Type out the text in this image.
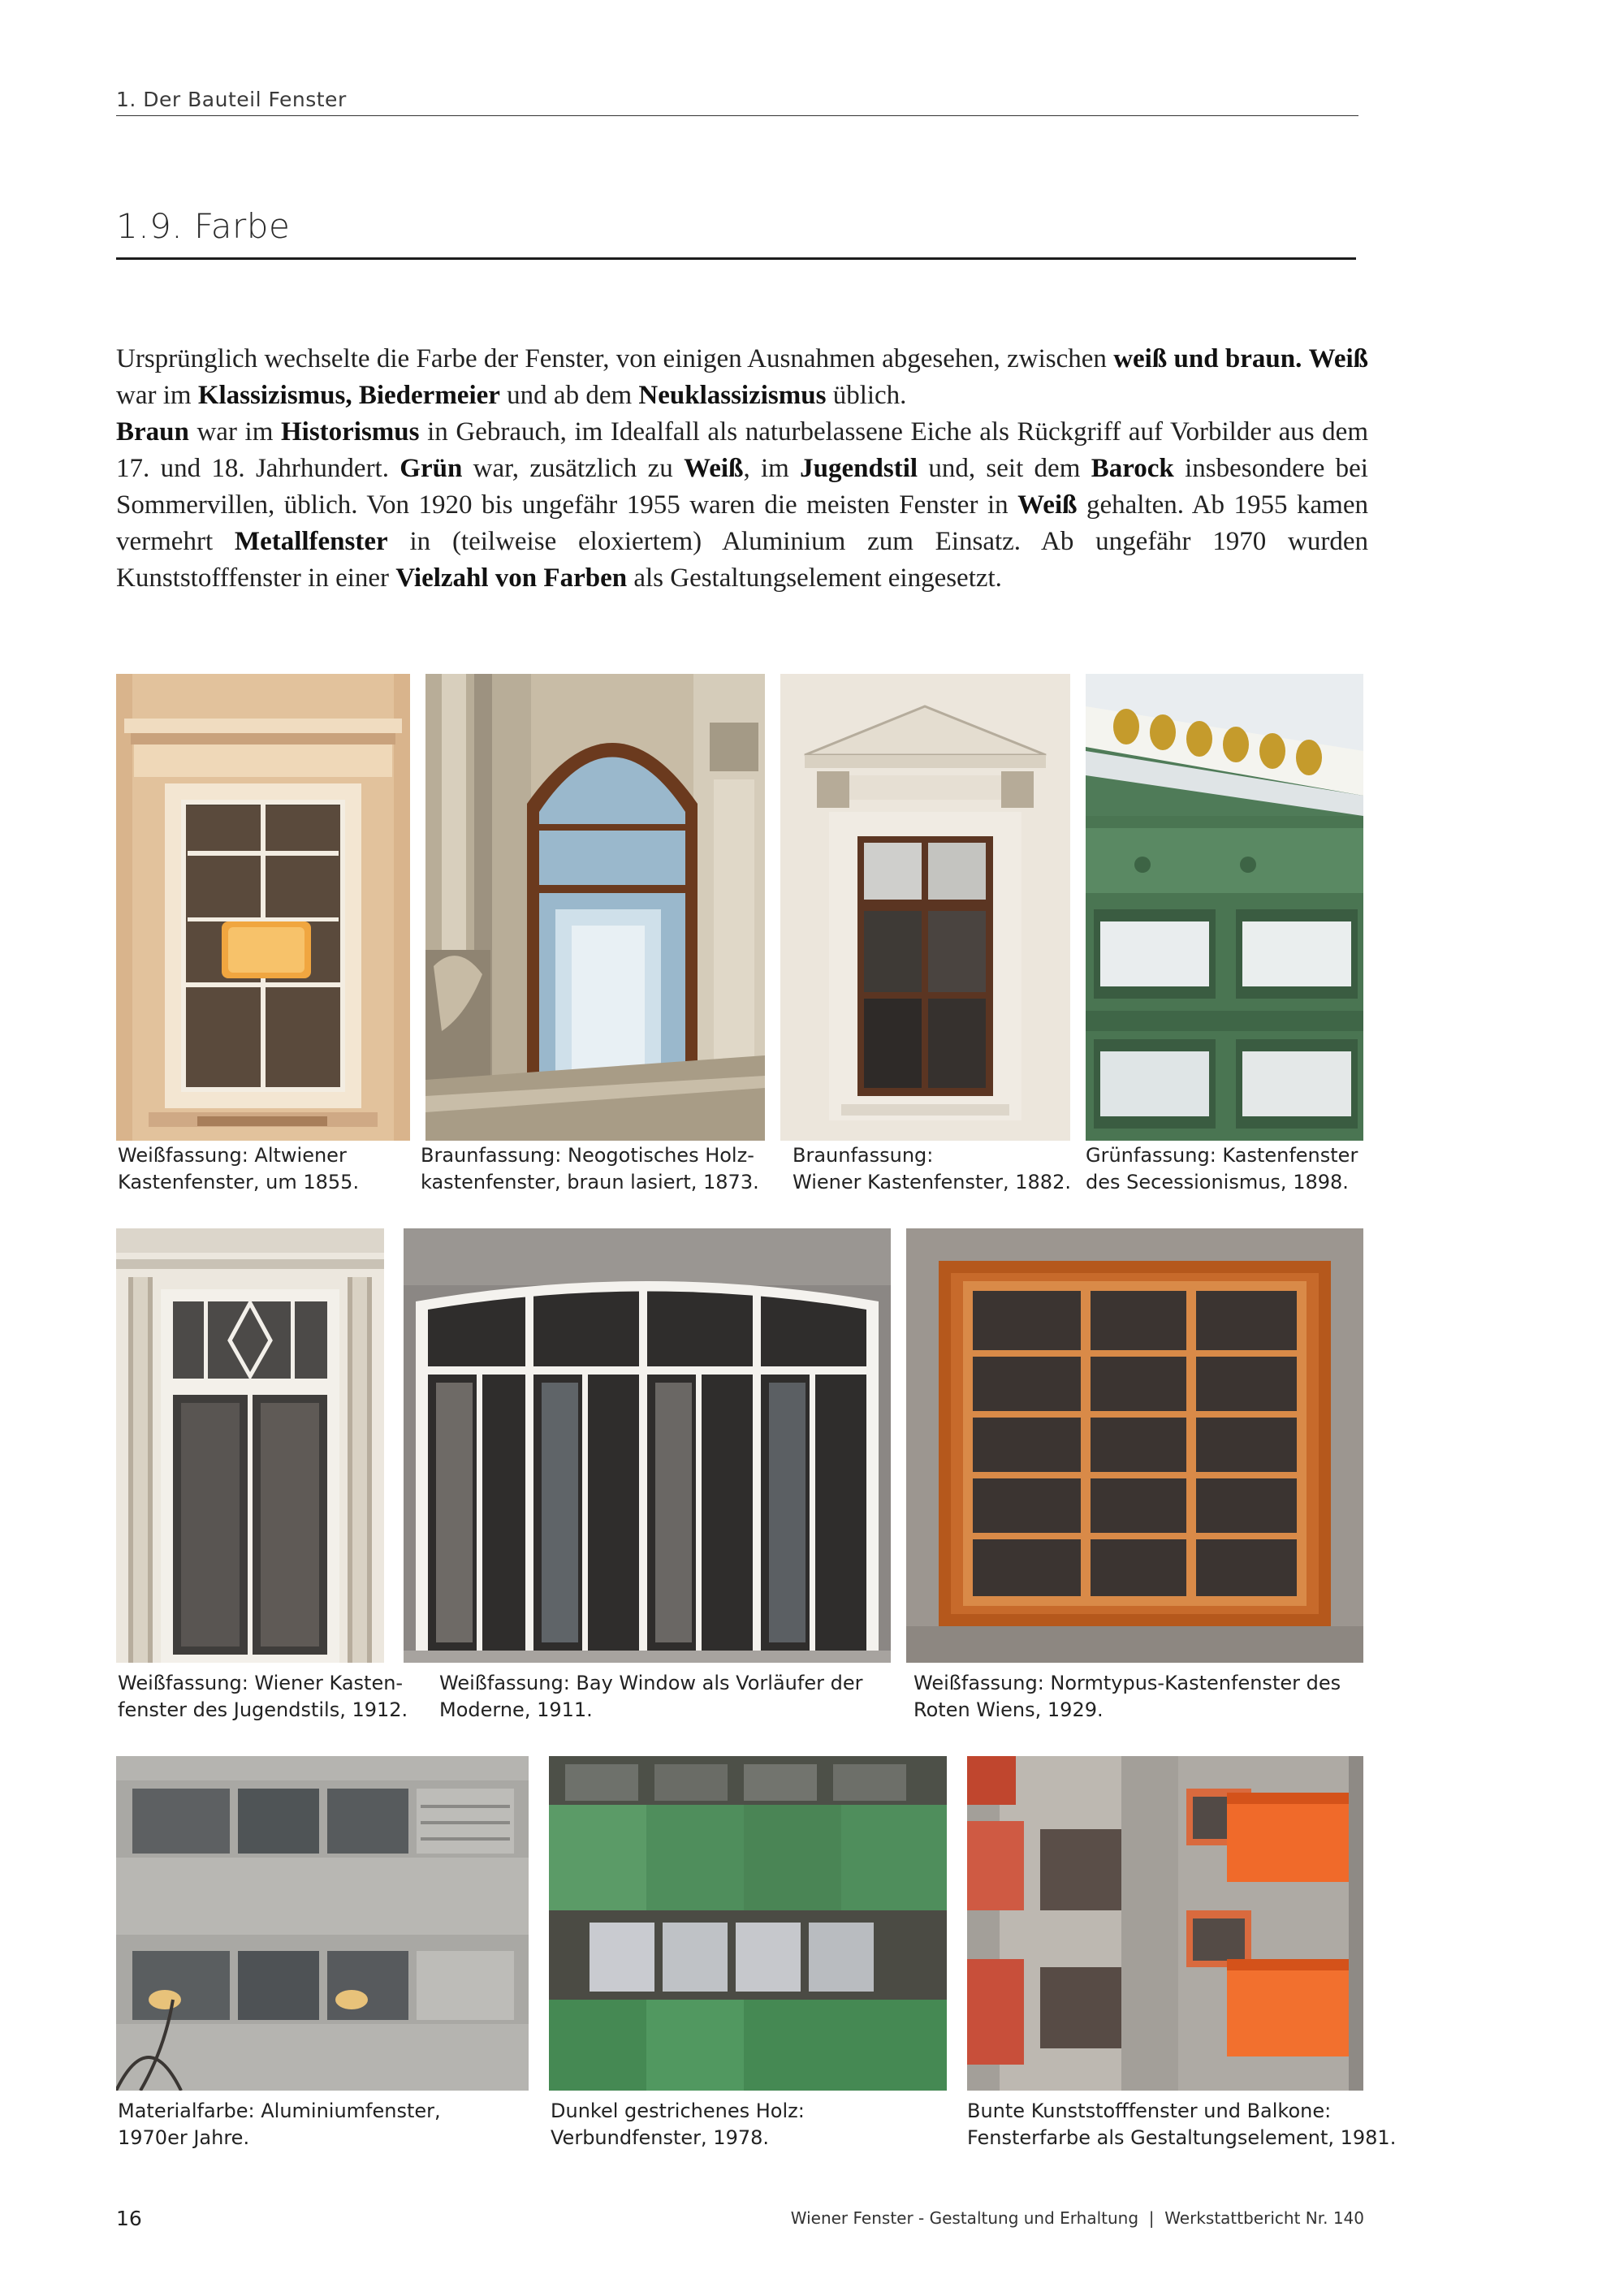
1. Der Bauteil Fenster
1.9. Farbe

Ursprünglich wechselte die Farbe der Fenster, von einigen Ausnahmen abgesehen, zwischen weiß und braun. Weiß war im Klassizismus, Biedermeier und ab dem Neuklassizismus üblich.
Braun war im Historismus in Gebrauch, im Idealfall als naturbelassene Eiche als Rückgriff auf Vorbilder aus dem 17. und 18. Jahrhundert. Grün war, zusätzlich zu Weiß, im Jugendstil und, seit dem Barock insbesondere bei Sommervillen, üblich. Von 1920 bis ungefähr 1955 waren die meisten Fenster in Weiß gehalten. Ab 1955 kamen vermehrt Metallfenster in (teilweise eloxiertem) Aluminium zum Einsatz. Ab ungefähr 1970 wurden Kunststofffenster in einer Vielzahl von Farben als Gestaltungselement eingesetzt.

Weißfassung: Altwiener
Kastenfenster, um 1855.
Braunfassung: Neogotisches Holz-
kastenfenster, braun lasiert, 1873.
Braunfassung:
Wiener Kastenfenster, 1882.
Grünfassung: Kastenfenster
des Secessionismus, 1898.
Weißfassung: Wiener Kasten-
fenster des Jugendstils, 1912.
Weißfassung: Bay Window als Vorläufer der
Moderne, 1911.
Weißfassung: Normtypus-Kastenfenster des
Roten Wiens, 1929.
Materialfarbe: Aluminiumfenster,
1970er Jahre.
Dunkel gestrichenes Holz:
Verbundfenster, 1978.
Bunte Kunststofffenster und Balkone:
Fensterfarbe als Gestaltungselement, 1981.
16	Wiener Fenster - Gestaltung und Erhaltung  |  Werkstattbericht Nr. 140
